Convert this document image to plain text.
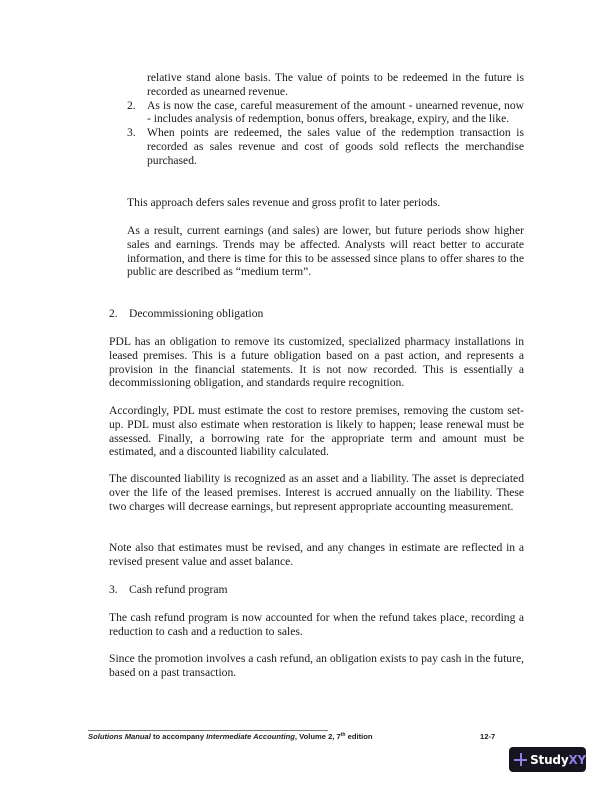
relative stand alone basis. The value of points to be redeemed in the future is recorded as unearned revenue.

2. As is now the case, careful measurement of the amount - unearned revenue, now - includes analysis of redemption, bonus offers, breakage, expiry, and the like.
3. When points are redeemed, the sales value of the redemption transaction is recorded as sales revenue and cost of goods sold reflects the merchandise purchased.

This approach defers sales revenue and gross profit to later periods.

As a result, current earnings (and sales) are lower, but future periods show higher sales and earnings. Trends may be affected. Analysts will react better to accurate information, and there is time for this to be assessed since plans to offer shares to the public are described as “medium term”.

2. Decommissioning obligation

PDL has an obligation to remove its customized, specialized pharmacy installations in leased premises. This is a future obligation based on a past action, and represents a provision in the financial statements. It is not now recorded. This is essentially a decommissioning obligation, and standards require recognition.

Accordingly, PDL must estimate the cost to restore premises, removing the custom set-up. PDL must also estimate when restoration is likely to happen; lease renewal must be assessed. Finally, a borrowing rate for the appropriate term and amount must be estimated, and a discounted liability calculated.

The discounted liability is recognized as an asset and a liability. The asset is depreciated over the life of the leased premises. Interest is accrued annually on the liability. These two charges will decrease earnings, but represent appropriate accounting measurement.

Note also that estimates must be revised, and any changes in estimate are reflected in a revised present value and asset balance.

3. Cash refund program

The cash refund program is now accounted for when the refund takes place, recording a reduction to cash and a reduction to sales.

Since the promotion involves a cash refund, an obligation exists to pay cash in the future, based on a past transaction.

Solutions Manual to accompany Intermediate Accounting, Volume 2, 7th edition	12-7
StudyXY
